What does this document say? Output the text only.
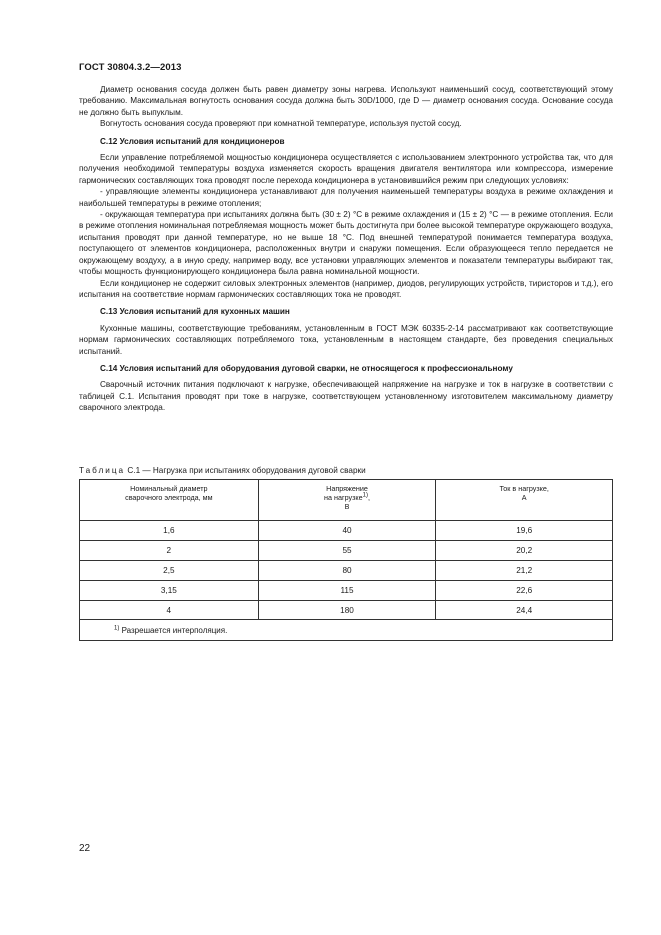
ГОСТ 30804.3.2—2013

Диаметр основания сосуда должен быть равен диаметру зоны нагрева. Используют наименьший сосуд, соответствующий этому требованию. Максимальная вогнутость основания сосуда должна быть 30D/1000, где D — диаметр основания сосуда. Основание сосуда не должно быть выпуклым.

Вогнутость основания сосуда проверяют при комнатной температуре, используя пустой сосуд.

С.12 Условия испытаний для кондиционеров

Если управление потребляемой мощностью кондиционера осуществляется с использованием электронного устройства так, что для получения необходимой температуры воздуха изменяется скорость вращения двигателя вентилятора или компрессора, измерение гармонических составляющих тока проводят после перехода кондиционера в установившийся режим при следующих условиях:

- управляющие элементы кондиционера устанавливают для получения наименьшей температуры воздуха в режиме охлаждения и наибольшей температуры в режиме отопления;

- окружающая температура при испытаниях должна быть (30 ± 2) °С в режиме охлаждения и (15 ± 2) °С — в режиме отопления. Если в режиме отопления номинальная потребляемая мощность может быть достигнута при более высокой температуре окружающего воздуха, испытания проводят при данной температуре, но не выше 18 °С. Под внешней температурой понимается температура воздуха, поступающего от элементов кондиционера, расположенных внутри и снаружи помещения. Если образующееся тепло передается не окружающему воздуху, а в иную среду, например воду, все установки управляющих элементов и показатели температуры выбирают так, чтобы мощность функционирующего кондиционера была равна номинальной мощности.

Если кондиционер не содержит силовых электронных элементов (например, диодов, регулирующих устройств, тиристоров и т.д.), его испытания на соответствие нормам гармонических составляющих тока не проводят.

С.13 Условия испытаний для кухонных машин

Кухонные машины, соответствующие требованиям, установленным в ГОСТ МЭК 60335-2-14 рассматривают как соответствующие нормам гармонических составляющих потребляемого тока, установленным в настоящем стандарте, без проведения специальных испытаний.

С.14 Условия испытаний для оборудования дуговой сварки, не относящегося к профессиональному

Сварочный источник питания подключают к нагрузке, обеспечивающей напряжение на нагрузке и ток в нагрузке в соответствии с таблицей С.1. Испытания проводят при токе в нагрузке, соответствующем установленному изготовителем максимальному диаметру сварочного электрода.

Таблица С.1 — Нагрузка при испытаниях оборудования дуговой сварки
Номинальный диаметр
сварочного электрода, мм	Напряжение
на нагрузке$^{1)}$,
В	Ток в нагрузке,
А
1,6	40	19,6
2	55	20,2
2,5	80	21,2
3,15	115	22,6
4	180	24,4
$^{1)}$ Разрешается интерполяция.		
22
